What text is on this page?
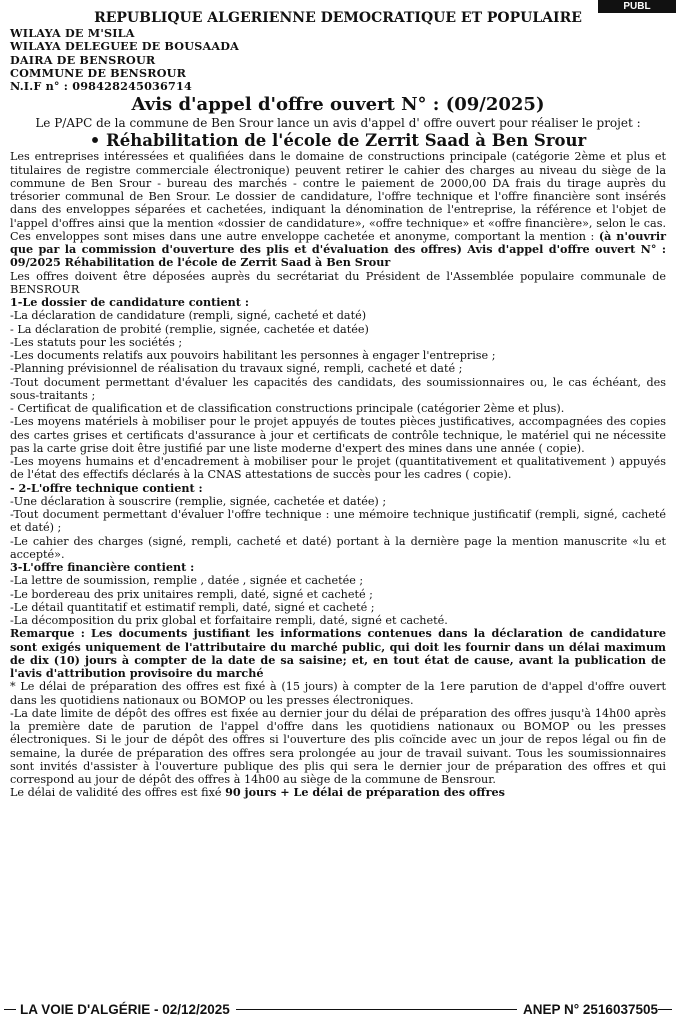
PUBL
REPUBLIQUE ALGERIENNE DEMOCRATIQUE ET POPULAIRE
WILAYA DE M'SILA
WILAYA DELEGUEE DE BOUSAADA
DAIRA DE BENSROUR
COMMUNE DE BENSROUR
N.I.F n° : 098428245036714
Avis d'appel d'offre ouvert N° : (09/2025)
Le P/APC de la commune de Ben Srour lance un avis d'appel d' offre ouvert pour réaliser le projet :
• Réhabilitation de l'école de Zerrit Saad à Ben Srour

Les entreprises intéressées et qualifiées dans le domaine de constructions principale (catégorie 2ème et plus et titulaires de registre commerciale électronique) peuvent retirer le cahier des charges au niveau du siège de la commune de Ben Srour - bureau des marchés - contre le paiement de 2000,00 DA frais du tirage auprès du trésorier communal de Ben Srour. Le dossier de candidature, l'offre technique et l'offre financière sont insérés dans des enveloppes séparées et cachetées, indiquant la dénomination de l'entreprise, la référence et l'objet de l'appel d'offres ainsi que la mention «dossier de candidature», «offre technique» et «offre financière», selon le cas. Ces enveloppes sont mises dans une autre enveloppe cachetée et anonyme, comportant la mention : (à n'ouvrir que par la commission d'ouverture des plis et d'évaluation des offres) Avis d'appel d'offre ouvert N° : 09/2025 Réhabilitation de l'école de Zerrit Saad à Ben Srour

Les offres doivent être déposées auprès du secrétariat du Président de l'Assemblée populaire communale de BENSROUR

1-Le dossier de candidature contient :

-La déclaration de candidature (rempli, signé, cacheté et daté)

- La déclaration de probité (remplie, signée, cachetée et datée)

-Les statuts pour les sociétés ;

-Les documents relatifs aux pouvoirs habilitant les personnes à engager l'entreprise ;

-Planning prévisionnel de réalisation du travaux signé, rempli, cacheté et daté ;

-Tout document permettant d'évaluer les capacités des candidats, des soumissionnaires ou, le cas échéant, des sous-traitants ;

- Certificat de qualification et de classification constructions principale (catégorier 2ème et plus).

-Les moyens matériels à mobiliser pour le projet appuyés de toutes pièces justificatives, accompagnées des copies des cartes grises et certificats d'assurance à jour et certificats de contrôle technique, le matériel qui ne nécessite pas la carte grise doit être justifié par une liste moderne d'expert des mines dans une année ( copie).

-Les moyens humains et d'encadrement à mobiliser pour le projet (quantitativement et qualitativement ) appuyés de l'état des effectifs déclarés à la CNAS attestations de succès pour les cadres ( copie).

- 2-L'offre technique contient :

-Une déclaration à souscrire (remplie, signée, cachetée et datée) ;

-Tout document permettant d'évaluer l'offre technique : une mémoire technique justificatif (rempli, signé, cacheté et daté) ;

-Le cahier des charges (signé, rempli, cacheté et daté) portant à la dernière page la mention manuscrite «lu et accepté».

3-L'offre financière contient :

-La lettre de soumission, remplie , datée , signée et cachetée ;

-Le bordereau des prix unitaires rempli, daté, signé et cacheté ;

-Le détail quantitatif et estimatif rempli, daté, signé et cacheté ;

-La décomposition du prix global et forfaitaire rempli, daté, signé et cacheté.

Remarque : Les documents justifiant les informations contenues dans la déclaration de candidature sont exigés uniquement de l'attributaire du marché public, qui doit les fournir dans un délai maximum de dix (10) jours à compter de la date de sa saisine; et, en tout état de cause, avant la publication de l'avis d'attribution provisoire du marché

* Le délai de préparation des offres est fixé à (15 jours) à compter de la 1ere parution de d'appel d'offre ouvert dans les quotidiens nationaux ou BOMOP ou les presses électroniques.

-La date limite de dépôt des offres est fixée au dernier jour du délai de préparation des offres jusqu'à 14h00 après la première date de parution de l'appel d'offre dans les quotidiens nationaux ou BOMOP ou les presses électroniques. Si le jour de dépôt des offres si l'ouverture des plis coïncide avec un jour de repos légal ou fin de semaine, la durée de préparation des offres sera prolongée au jour de travail suivant. Tous les soumissionnaires sont invités d'assister à l'ouverture publique des plis qui sera le dernier jour de préparation des offres et qui correspond au jour de dépôt des offres à 14h00 au siège de la commune de Bensrour.

Le délai de validité des offres est fixé 90 jours + Le délai de préparation des offres

LA VOIE D'ALGÉRIE - 02/12/2025	ANEP N° 2516037505
